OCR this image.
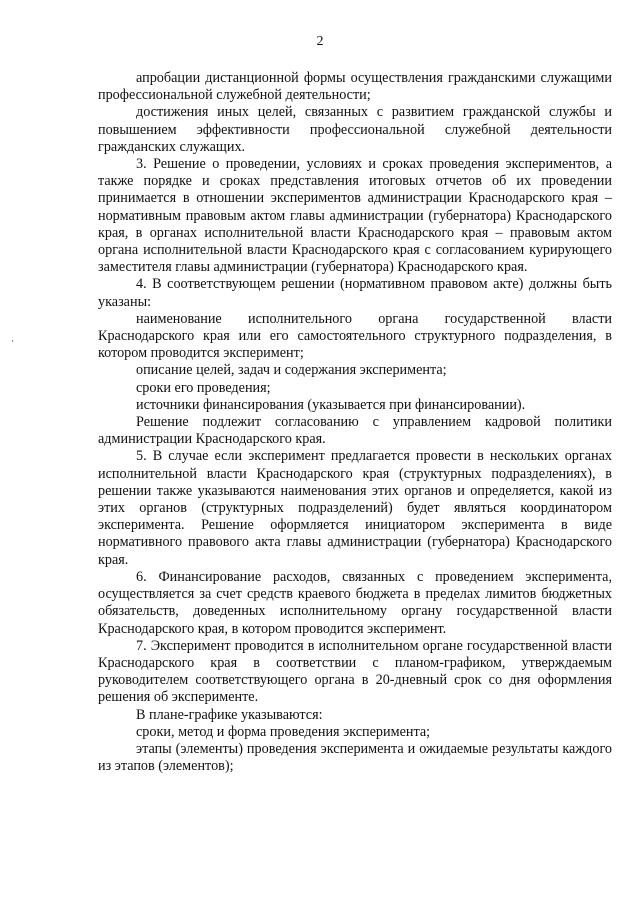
2

апробации дистанционной формы осуществления гражданскими служащими профессиональной служебной деятельности;

достижения иных целей, связанных с развитием гражданской службы и повышением эффективности профессиональной служебной деятельности гражданских служащих.

3. Решение о проведении, условиях и сроках проведения экспериментов, а также порядке и сроках представления итоговых отчетов об их проведении принимается в отношении экспериментов администрации Краснодарского края – нормативным правовым актом главы администрации (губернатора) Краснодарского края, в органах исполнительной власти Краснодарского края – правовым актом органа исполнительной власти Краснодарского края с согласованием курирующего заместителя главы администрации (губернатора) Краснодарского края.

4. В соответствующем решении (нормативном правовом акте) должны быть указаны:

наименование исполнительного органа государственной власти Краснодарского края или его самостоятельного структурного подразделения, в котором проводится эксперимент;

описание целей, задач и содержания эксперимента;

сроки его проведения;

источники финансирования (указывается при финансировании).

Решение подлежит согласованию с управлением кадровой политики администрации Краснодарского края.

5. В случае если эксперимент предлагается провести в нескольких органах исполнительной власти Краснодарского края (структурных подразделениях), в решении также указываются наименования этих органов и определяется, какой из этих органов (структурных подразделений) будет являться координатором эксперимента. Решение оформляется инициатором эксперимента в виде нормативного правового акта главы администрации (губернатора) Краснодарского края.

6. Финансирование расходов, связанных с проведением эксперимента, осуществляется за счет средств краевого бюджета в пределах лимитов бюджетных обязательств, доведенных исполнительному органу государственной власти Краснодарского края, в котором проводится эксперимент.

7. Эксперимент проводится в исполнительном органе государственной власти Краснодарского края в соответствии с планом-графиком, утверждаемым руководителем соответствующего органа в 20-дневный срок со дня оформления решения об эксперименте.

В плане-графике указываются:

сроки, метод и форма проведения эксперимента;

этапы (элементы) проведения эксперимента и ожидаемые результаты каждого из этапов (элементов);
